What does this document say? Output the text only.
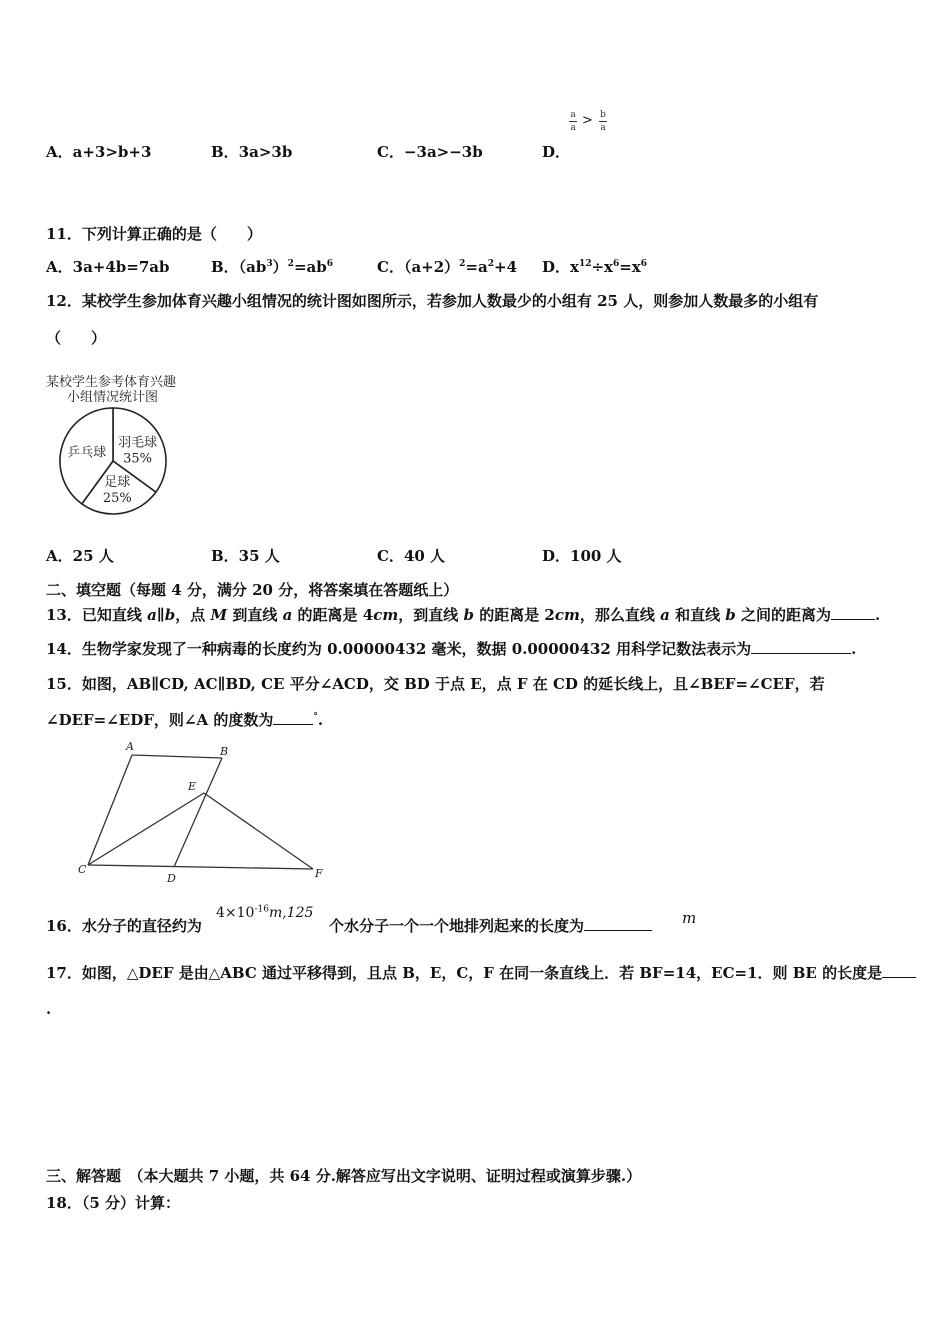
A．a+3>b+3	B．3a>3b	C．−3a>−3b	D．
a
a > b
a
11．下列计算正确的是（　　）
A．3a+4b=7ab	B．$(ab^3)^2=ab^6$	C．$(a+2)^2=a^2+4$ D．$x^{12}\div x^6=x^6$
12．某校学生参加体育兴趣小组情况的统计图如图所示，若参加人数最少的小组有 25 人，则参加人数最多的小组有
（　　）
某校学生参考体育兴趣
小组情况统计图
羽毛球
35%
足球
25%
乒乓球
A．25 人	B．35 人	C．40 人	D．100 人
二、填空题（每题 4 分，满分 20 分，将答案填在答题纸上）
13．已知直线 a∥b，点 M 到直线 a 的距离是 4cm，到直线 b 的距离是 2cm，那么直线 a 和直线 b 之间的距离为	.
14．生物学家发现了一种病毒的长度约为 0.00000432 毫米，数据 0.00000432 用科学记数法表示为	.
15．如图，AB∥CD, AC∥BD, CE 平分∠ACD，交 BD 于点 E，点 F 在 CD 的延长线上，且∠BEF=∠CEF，若
∠DEF=∠EDF，则∠A 的度数为	°.
A	B
C
D
E
F
16．水分子的直径约为
$4\times 10^{-16}m,125$
个水分子一个一个地排列起来的长度为	m
17．如图，△DEF 是由△ABC 通过平移得到，且点 B，E，C，F 在同一条直线上．若 BF=14，EC=1．则 BE 的长度是
.
三、解答题　（本大题共 7 小题，共 64 分.解答应写出文字说明、证明过程或演算步骤.）
18．（5 分）计算：
